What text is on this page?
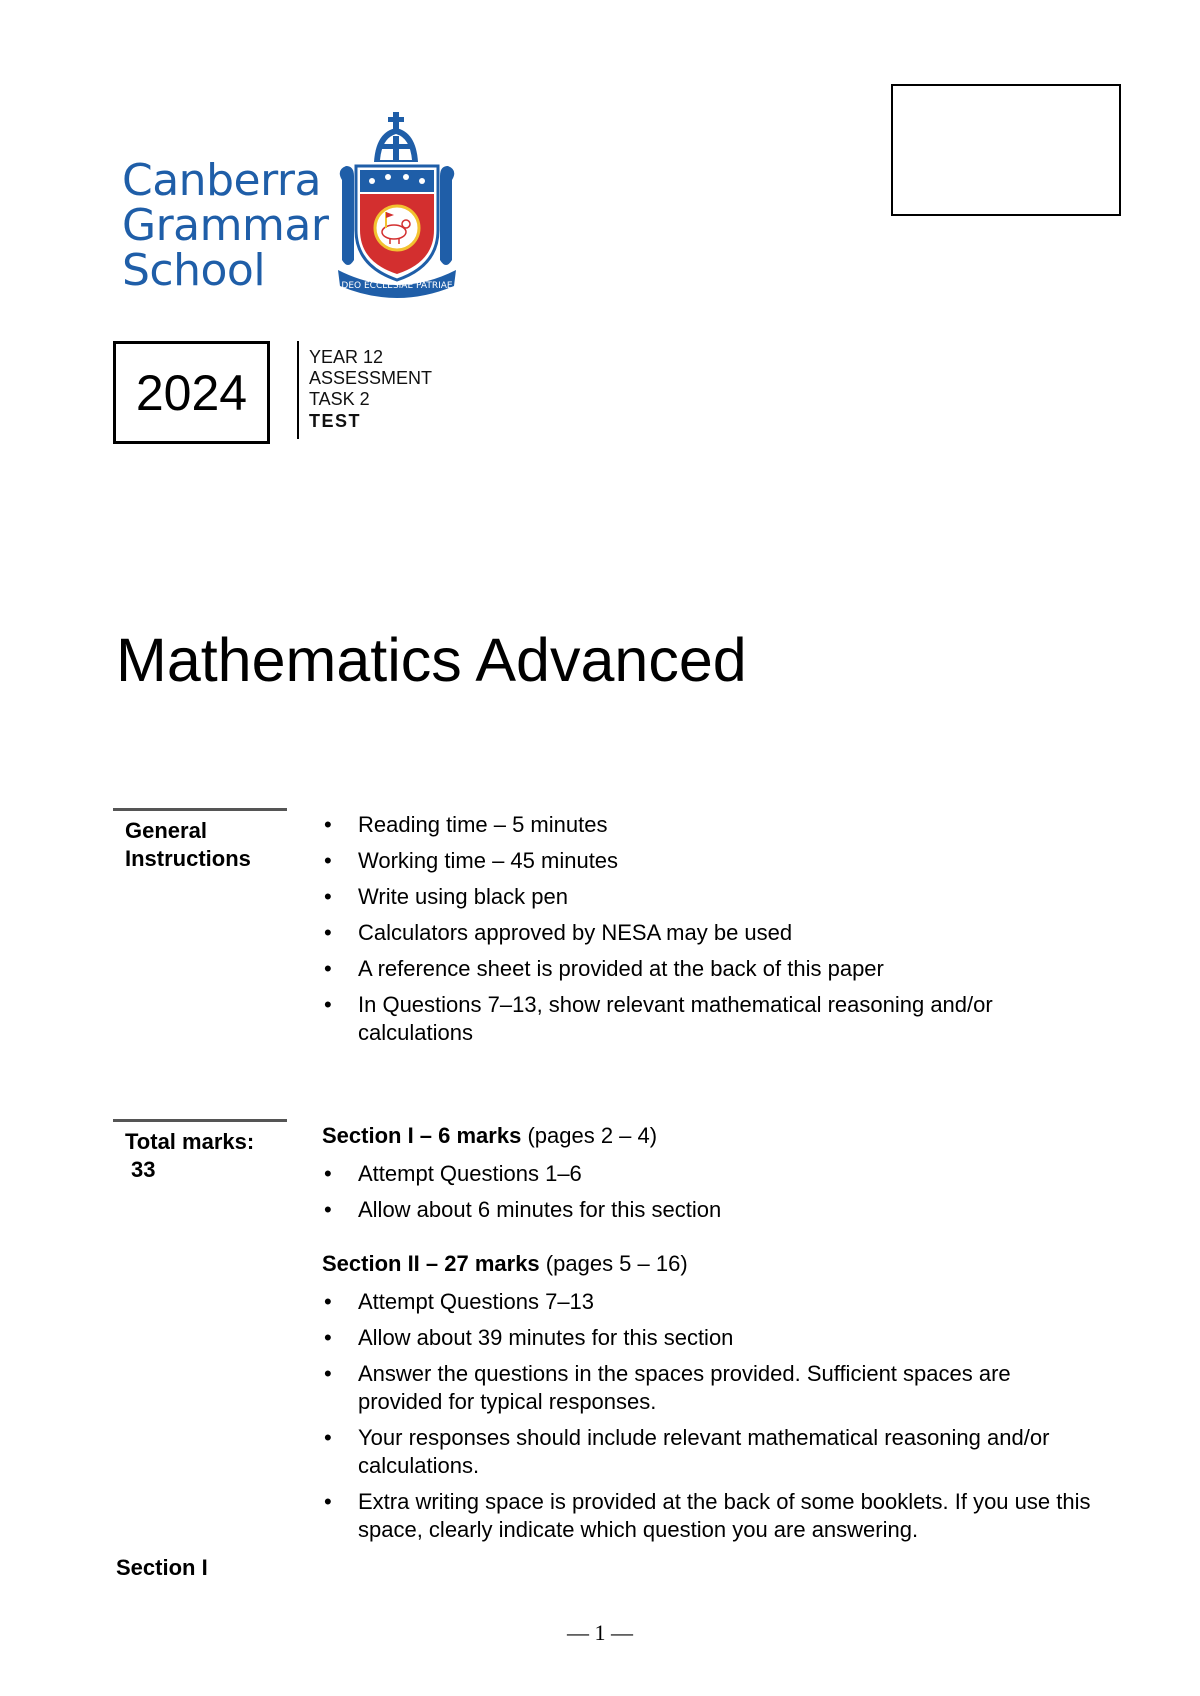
Canberra
Grammar
School	DEO ECCLESIAE PATRIAE
2024
YEAR 12
ASSESSMENT
TASK 2
TEST
Mathematics Advanced
General
Instructions
• Reading time – 5 minutes
• Working time – 45 minutes
• Write using black pen
• Calculators approved by NESA may be used
• A reference sheet is provided at the back of this paper
• In Questions 7–13, show relevant mathematical reasoning and/or calculations
Total marks:
33
Section I – 6 marks (pages 2 – 4)
• Attempt Questions 1–6
• Allow about 6 minutes for this section
Section II – 27 marks (pages 5 – 16)
• Attempt Questions 7–13
• Allow about 39 minutes for this section
• Answer the questions in the spaces provided. Sufficient spaces are provided for typical responses.
• Your responses should include relevant mathematical reasoning and/or calculations.
• Extra writing space is provided at the back of some booklets. If you use this space, clearly indicate which question you are answering.
Section I
— 1 —
